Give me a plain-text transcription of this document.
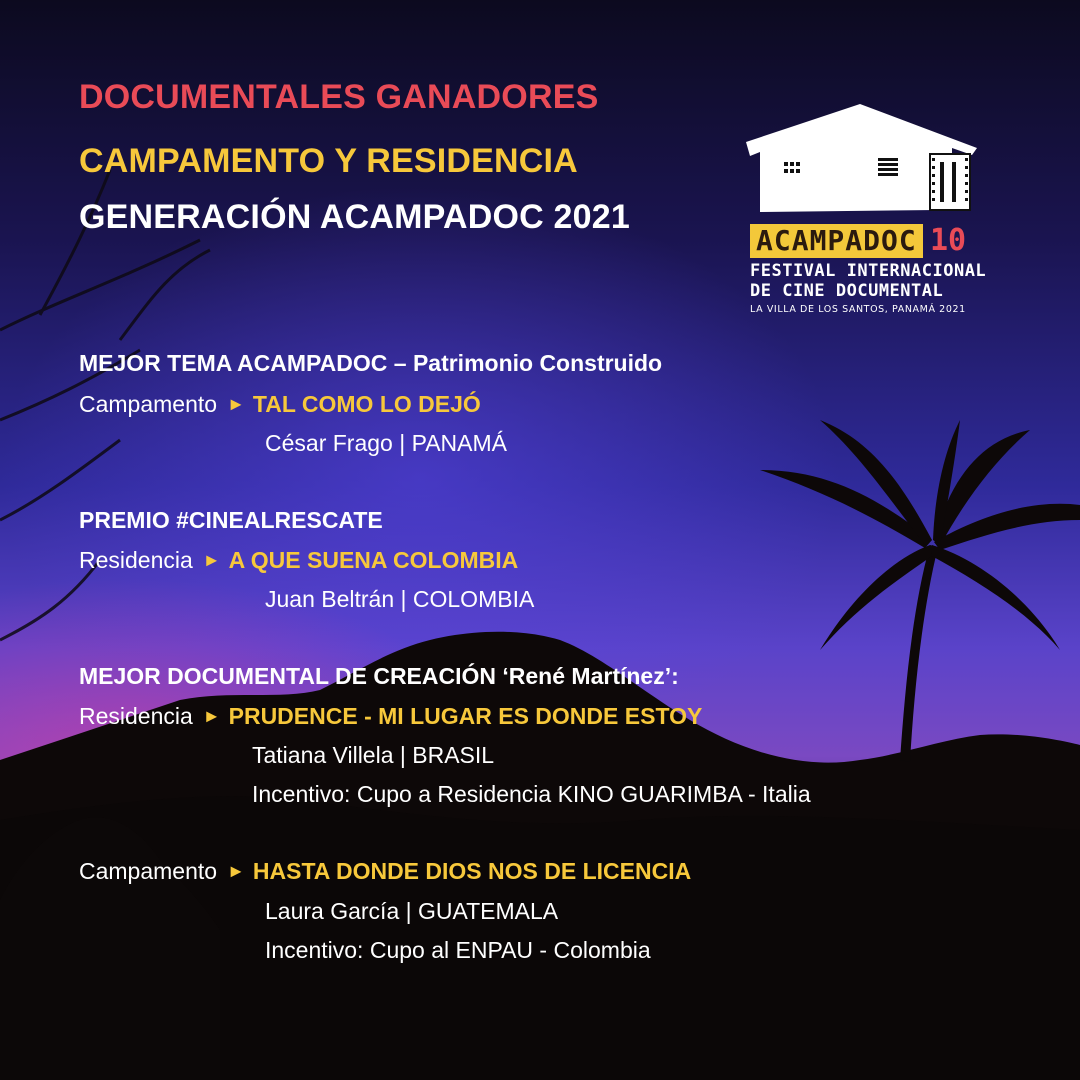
DOCUMENTALES GANADORES
CAMPAMENTO Y RESIDENCIA
GENERACIÓN ACAMPADOC 2021
ACAMPADOC 10
FESTIVAL INTERNACIONAL
DE CINE DOCUMENTAL
LA VILLA DE LOS SANTOS, PANAMÁ 2021
MEJOR TEMA ACAMPADOC – Patrimonio Construido
Campamento ► TAL COMO LO DEJÓ
César Frago | PANAMÁ
PREMIO #CINEALRESCATE
Residencia ► A QUE SUENA COLOMBIA
Juan Beltrán | COLOMBIA
MEJOR DOCUMENTAL DE CREACIÓN ‘René Martínez’:
Residencia ► PRUDENCE - MI LUGAR ES DONDE ESTOY
Tatiana Villela | BRASIL
Incentivo: Cupo a Residencia KINO GUARIMBA - Italia
Campamento ► HASTA DONDE DIOS NOS DE LICENCIA
Laura García | GUATEMALA
Incentivo: Cupo al ENPAU - Colombia
